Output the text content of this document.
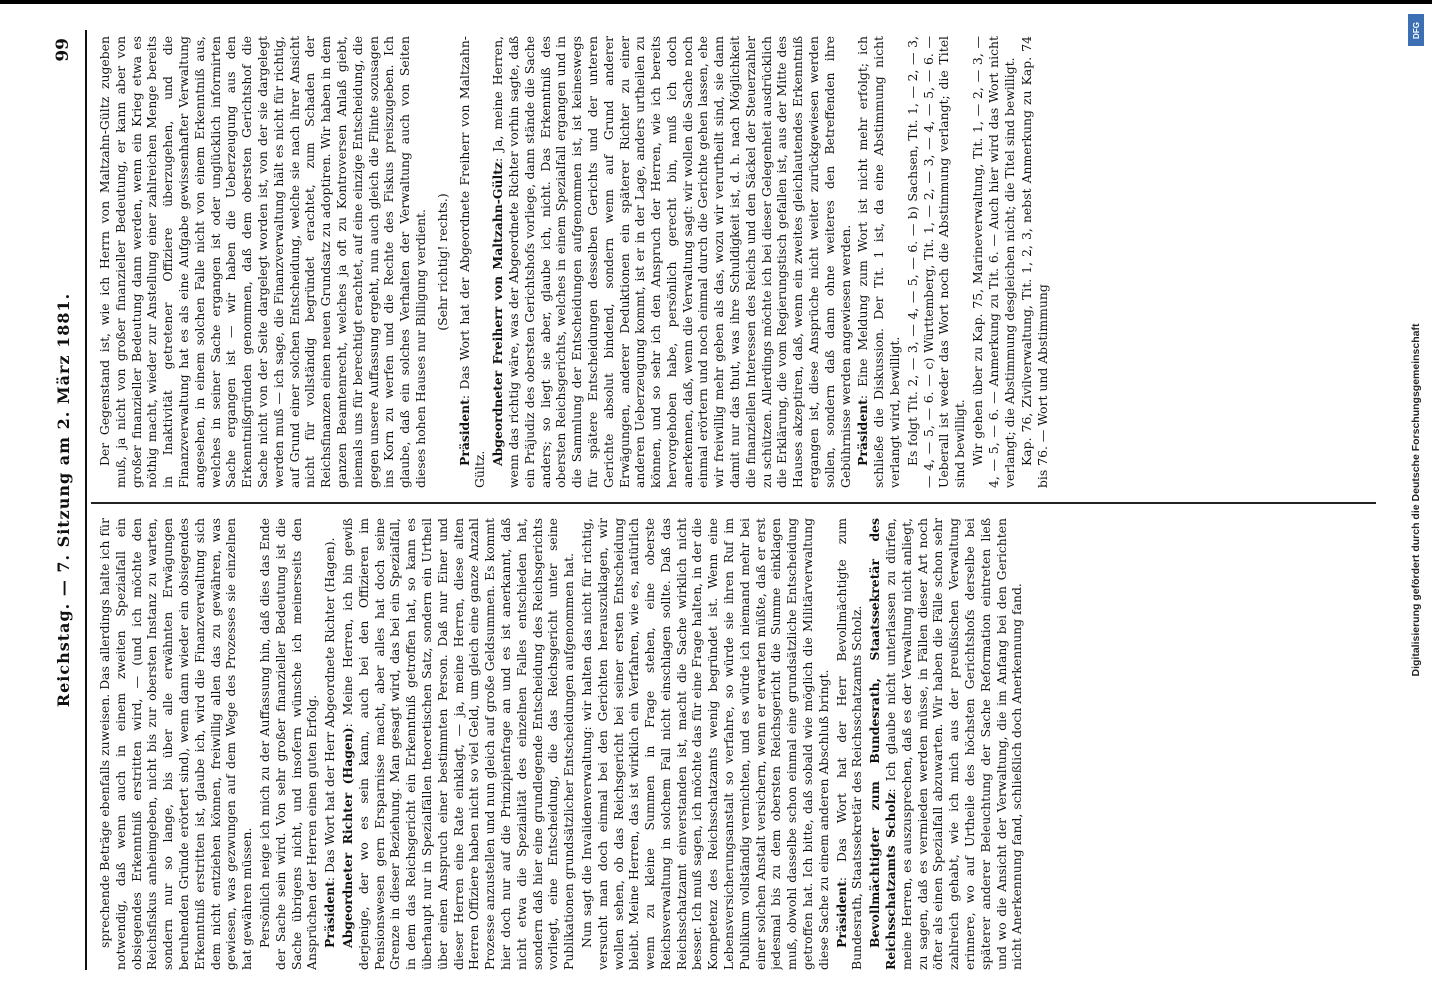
Reichstag. — 7. Sitzung am 2. März 1881.
99

sprechende Beträge ebenfalls zuweisen. Das allerdings halte ich für notwendig, daß wenn auch in einem zweiten Spezialfall ein obsiegendes Erkenntniß erstritten wird, — (und ich möchte den Reichsfiskus anheimgeben, nicht bis zur obersten Instanz zu warten, sondern nur so lange, bis über alle erwähnten Erwägungen beruhenden Gründe erörtert sind), wenn dann wieder ein obsiegendes Erkenntniß erstritten ist, glaube ich, wird die Finanzverwaltung sich dem nicht entziehen können, freiwillig allen das zu gewähren, was gewiesen, was gezwungen auf dem Wege des Prozesses sie einzelnen hat gewähren müssen. Persönlich neige ich mich zu der Auffassung hin, daß dies das Ende der Sache sein wird. Von sehr großer finanzieller Bedeutung ist die Sache übrigens nicht, und insofern wünsche ich meinerseits den Ansprüchen der Herren einen guten Erfolg. Präsident: Das Wort hat der Herr Abgeordnete Richter (Hagen). Abgeordneter Richter (Hagen): Meine Herren, ich bin gewiß derjenige, der wo es sein kann, auch bei den Offizieren im Pensionswesen gern Ersparnisse macht, aber alles hat doch seine Grenze in dieser Beziehung. Man gesagt wird, das bei ein Spezialfall, in dem das Reichsgericht ein Erkenntniß getroffen hat, so kann es überhaupt nur in Spezialfällen theoretischen Satz, sondern ein Urtheil über einen Anspruch einer bestimmten Person. Daß nur Einer und dieser Herren eine Rate einklagt, — ja, meine Herren, diese alten Herren Offiziere haben nicht so viel Geld, um gleich eine ganze Anzahl Prozesse anzustellen und nun gleich auf große Geldsummen. Es kommt hier doch nur auf die Prinzipienfrage an und es ist anerkannt, daß nicht etwa die Spezialität des einzelnen Falles entschieden hat, sondern daß hier eine grundlegende Entscheidung des Reichsgerichts vorliegt, eine Entscheidung, die das Reichsgericht unter seine Publikationen grundsätzlicher Entscheidungen aufgenommen hat. Nun sagt die Invalidenverwaltung: wir halten das nicht für richtig, versucht man doch einmal bei den Gerichten herauszuklagen, wir wollen sehen, ob das Reichsgericht bei seiner ersten Entscheidung bleibt. Meine Herren, das ist wirklich ein Verfahren, wie es, natürlich wenn zu kleine Summen in Frage stehen, eine oberste Reichsverwaltung in solchem Fall nicht einschlagen sollte. Daß das Reichsschatzamt einverstanden ist, macht die Sache wirklich nicht besser. Ich muß sagen, ich möchte das für eine Frage halten, in der die Kompetenz des Reichsschatzamts wenig begründet ist. Wenn eine Lebensversicherungsanstalt so verfahre, so würde sie ihren Ruf im Publikum vollständig vernichten, und es würde ich niemand mehr bei einer solchen Anstalt versichern, wenn er erwarten müßte, daß er erst jedesmal bis zu dem obersten Reichsgericht die Summe einklagen muß, obwohl dasselbe schon einmal eine grundsätzliche Entscheidung getroffen hat. Ich bitte, daß sobald wie möglich die Militärverwaltung diese Sache zu einem anderen Abschluß bringt. Präsident: Das Wort hat der Herr Bevollmächtigte zum Bundesrath, Staatssekretär des Reichsschatzamts Scholz. Bevollmächtigter zum Bundesrath, Staatssekretär des Reichsschatzamts Scholz: Ich glaube nicht unterlassen zu dürfen, meine Herren, es auszusprechen, daß es der Verwaltung nicht anliegt, zu sagen, daß es vermieden werden müsse, in Fällen dieser Art noch öfter als einen Spezialfall abzuwarten. Wir haben die Fälle schon sehr zahlreich gehabt, wie ich mich aus der preußischen Verwaltung erinnere, wo auf Urtheile des höchsten Gerichtshofs derselbe bei späterer anderer Beleuchtung der Sache Reformation eintreten ließ und wo die Ansicht der Verwaltung, die im Anfang bei den Gerichten nicht Anerkennung fand, schließlich doch Anerkennung fand.

Der Gegenstand ist, wie ich Herrn von Maltzahn-Gültz zugeben muß, ja nicht von großer finanzieller Bedeutung, er kann aber von großer finanzieller Bedeutung dann werden, wenn ein Krieg etwa es nöthig macht, wieder zur Anstellung einer zahlreichen Menge bereits in Inaktivität getretener Offiziere überzugehen, und die Finanzverwaltung hat es als eine Aufgabe gewissenhafter Verwaltung angesehen, in einem solchen Falle nicht von einem Erkenntniß aus, welches in seiner Sache ergangen ist oder unglücklich informirten Sache ergangen ist — wir haben die Ueberzeugung aus den Erkenntnißgründen genommen, daß dem obersten Gerichtshof die Sache nicht von der Seite dargelegt worden ist, von der sie dargelegt werden muß — ich sage, die Finanzverwaltung hält es nicht für richtig, auf Grund einer solchen Entscheidung, welche sie nach ihrer Ansicht nicht für vollständig begründet erachtet, zum Schaden der Reichsfinanzen einen neuen Grundsatz zu adoptiren. Wir haben in dem ganzen Beamtenrecht, welches ja oft zu Kontroversen Anlaß giebt, niemals uns für berechtigt erachtet, auf eine einzige Entscheidung, die gegen unsere Auffassung ergeht, nun auch gleich die Flinte sozusagen ins Korn zu werfen und die Rechte des Fiskus preiszugeben. Ich glaube, daß ein solches Verhalten der Verwaltung auch von Seiten dieses hohen Hauses nur Billigung verdient. (Sehr richtig! rechts.)

Präsident: Das Wort hat der Abgeordnete Freiherr von Maltzahn-Gültz.

Abgeordneter Freiherr von Maltzahn-Gültz: Ja, meine Herren, wenn das richtig wäre, was der Abgeordnete Richter vorhin sagte, daß ein Präjudiz des obersten Gerichtshofs vorliege, dann stände die Sache anders; so liegt sie aber, glaube ich, nicht. Das Erkenntniß des obersten Reichsgerichts, welches in einem Spezialfall ergangen und in die Sammlung der Entscheidungen aufgenommen ist, ist keineswegs für spätere Entscheidungen desselben Gerichts und der unteren Gerichte absolut bindend, sondern wenn auf Grund anderer Erwägungen, anderer Deduktionen ein späterer Richter zu einer anderen Ueberzeugung kommt, ist er in der Lage, anders urtheilen zu können, und so sehr ich den Anspruch der Herren, wie ich bereits hervorgehoben habe, persönlich gerecht bin, muß ich doch anerkennen, daß, wenn die Verwaltung sagt: wir wollen die Sache noch einmal erörtern und noch einmal durch die Gerichte gehen lassen, ehe wir freiwillig mehr geben als das, wozu wir verurtheilt sind, sie dann damit nur das thut, was ihre Schuldigkeit ist, d. h. nach Möglichkeit die finanziellen Interessen des Reichs und den Säckel der Steuerzahler zu schützen. Allerdings möchte ich bei dieser Gelegenheit ausdrücklich die Erklärung, die vom Regierungstisch gefallen ist, aus der Mitte des Hauses akzeptiren, daß, wenn ein zweites gleichlautendes Erkenntniß ergangen ist, diese Ansprüche nicht weiter zurückgewiesen werden sollen, sondern daß dann ohne weiteres den Betreffenden ihre Gebührnisse werden angewiesen werden. Präsident: Eine Meldung zum Wort ist nicht mehr erfolgt; ich schließe die Diskussion. Der Tit. 1 ist, da eine Abstimmung nicht verlangt wird, bewilligt. Es folgt Tit. 2, — 3, — 4, — 5, — 6. — b) Sachsen, Tit. 1, — 2, — 3, — 4, — 5, — 6. — c) Württemberg, Tit. 1, — 2, — 3, — 4, — 5, — 6. — Ueberall ist weder das Wort noch die Abstimmung verlangt; die Titel sind bewilligt. Wir gehen über zu Kap. 75, Marineverwaltung, Tit. 1, — 2, — 3, — 4, — 5, — 6. — Anmerkung zu Tit. 6. — Auch hier wird das Wort nicht verlangt; die Abstimmung desgleichen nicht; die Titel sind bewilligt. Kap. 76, Zivilverwaltung, Tit. 1, 2, 3, nebst Anmerkung zu Kap. 74 bis 76. — Wort und Abstimmung

DFG
Digitalisierung gefördert durch die Deutsche Forschungsgemeinschaft
